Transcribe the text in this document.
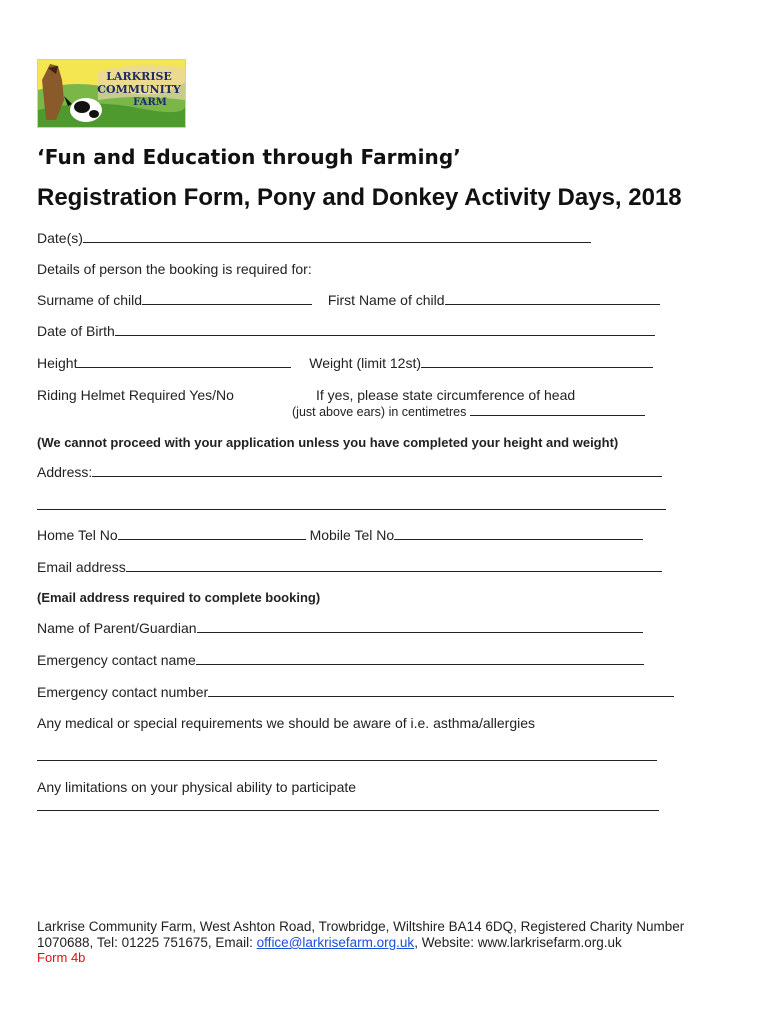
LARKRISE
COMMUNITY
FARM
‘Fun and Education through Farming’
Registration Form, Pony and Donkey Activity Days, 2018
Date(s)
Details of person the booking is required for:
Surname of child	First Name of child
Date of Birth
Height	Weight (limit 12st)
Riding Helmet Required Yes/No	If yes, please state circumference of head
(just above ears) in centimetres
(We cannot proceed with your application unless you have completed your height and weight)
Address:
Home Tel No	Mobile Tel No
Email address
(Email address required to complete booking)
Name of Parent/Guardian
Emergency contact name
Emergency contact number
Any medical or special requirements we should be aware of i.e. asthma/allergies
Any limitations on your physical ability to participate
Larkrise Community Farm, West Ashton Road, Trowbridge, Wiltshire BA14 6DQ, Registered Charity Number 1070688, Tel: 01225 751675, Email: office@larkrisefarm.org.uk, Website: www.larkrisefarm.org.uk
Form 4b
